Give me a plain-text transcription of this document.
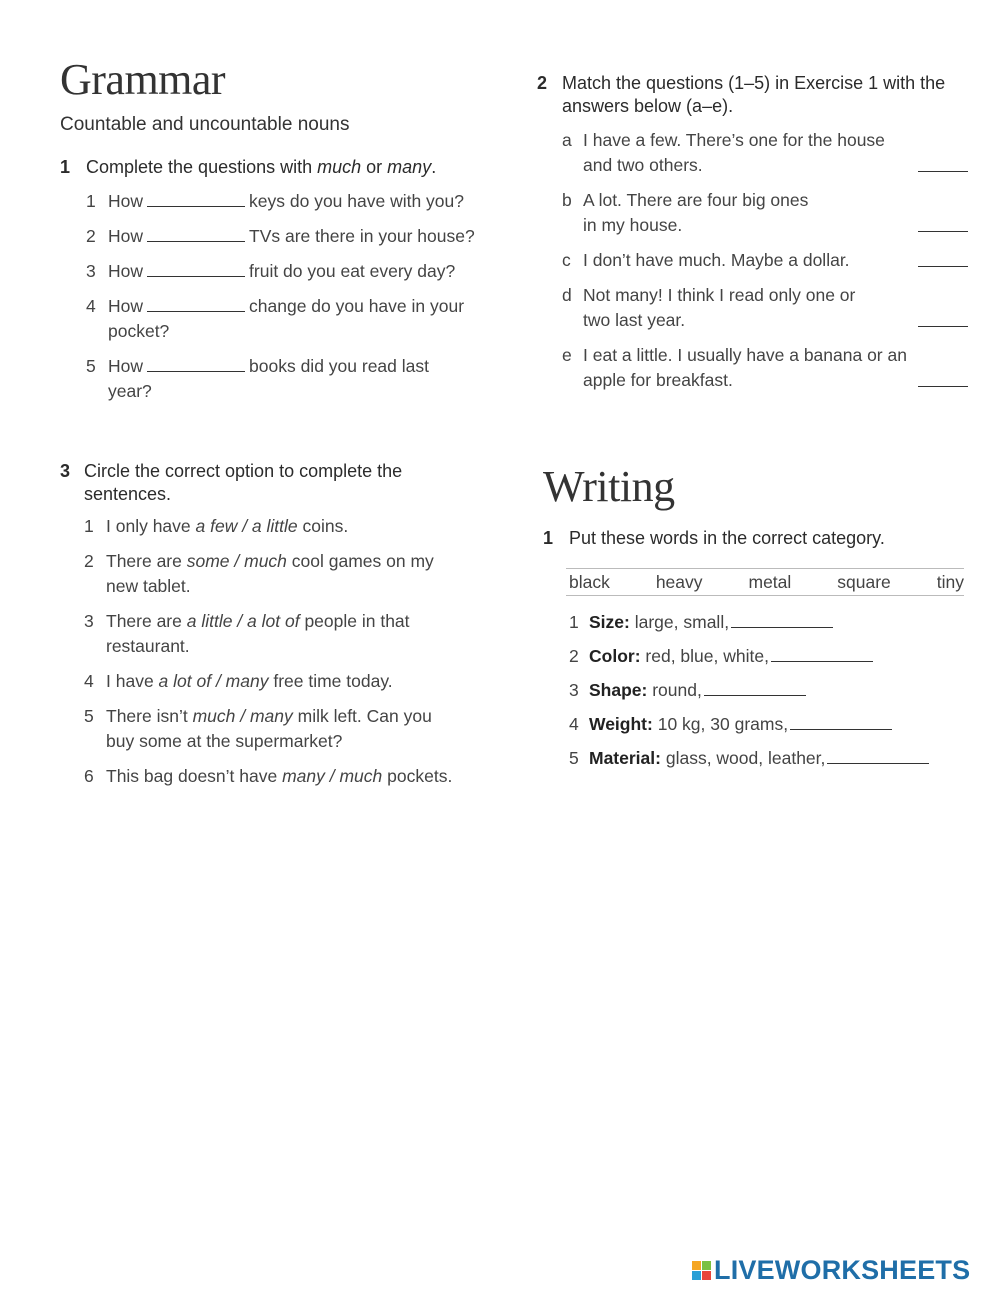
Grammar
Countable and uncountable nouns
1 Complete the questions with much or many.
1 How	keys do you have with you?
2 How	TVs are there in your house?
3 How	fruit do you eat every day?
4 How	change do you have in your pocket?
5 How	books did you read last year?
3 Circle the correct option to complete the sentences.
1 I only have a few / a little coins.
2 There are some / much cool games on my new tablet.
3 There are a little / a lot of people in that restaurant.
4 I have a lot of / many free time today.
5 There isn’t much / many milk left. Can you buy some at the supermarket?
6 This bag doesn’t have many / much pockets.
2 Match the questions (1–5) in Exercise 1 with the answers below (a–e).
a I have a few. There’s one for the house and two others.
b A lot. There are four big ones in my house.
c I don’t have much. Maybe a dollar.
d Not many! I think I read only one or two last year.
e I eat a little. I usually have a banana or an apple for breakfast.
Writing
1 Put these words in the correct category.
black	heavy	metal	square	tiny
1 Size: large, small,
2 Color: red, blue, white,
3 Shape: round,
4 Weight: 10 kg, 30 grams,
5 Material: glass, wood, leather,
LIVEWORKSHEETS
